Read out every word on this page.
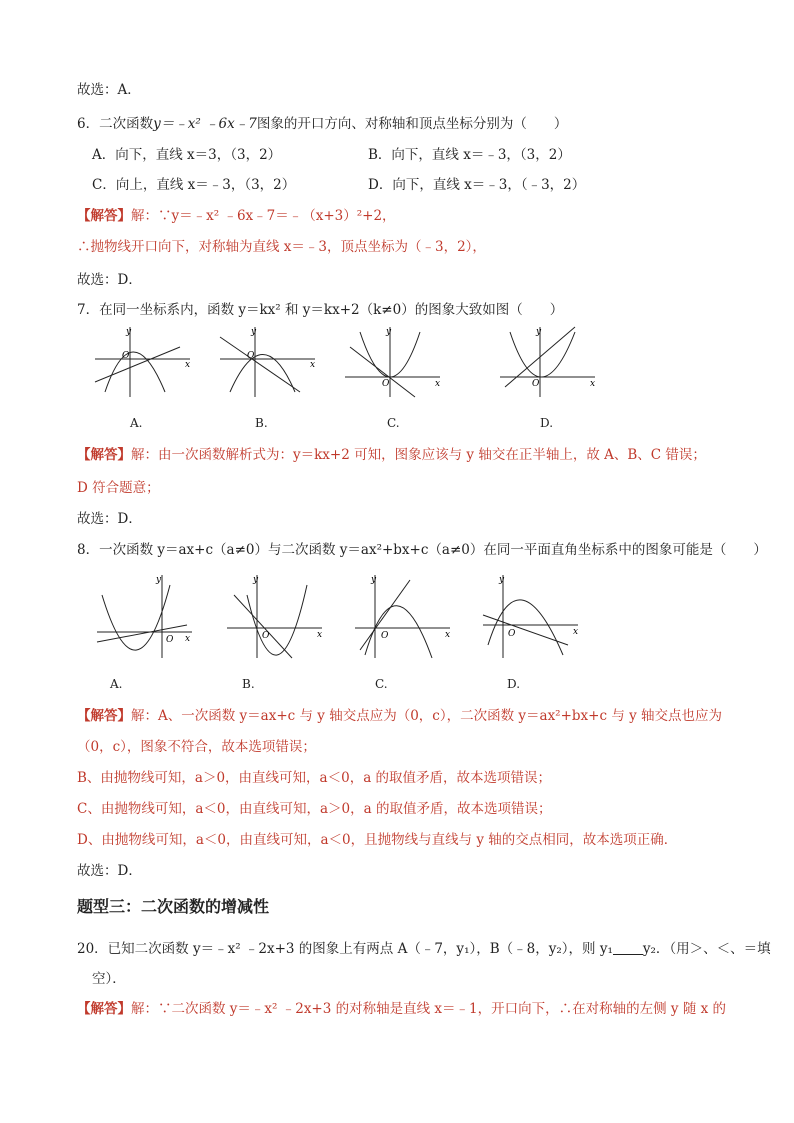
故选：A．
6．二次函数y＝﹣x² ﹣6x﹣7图象的开口方向、对称轴和顶点坐标分别为（　　）
A．向下，直线 x＝3，（3，2）	B．向下，直线 x＝﹣3，（3，2）
C．向上，直线 x＝﹣3，（3，2）	D．向下，直线 x＝﹣3，（﹣3，2）
【解答】解：∵y＝﹣x² ﹣6x﹣7＝﹣（x+3）²+2，
∴抛物线开口向下，对称轴为直线 x＝﹣3，顶点坐标为（﹣3，2），
故选：D．
7．在同一坐标系内，函数 y＝kx² 和 y＝kx+2（k≠0）的图象大致如图（　　）
y
x
O
y
x
O
y
x
O
y
x
O
A.	B.	C.	D.
【解答】解：由一次函数解析式为：y＝kx+2 可知，图象应该与 y 轴交在正半轴上，故 A、B、C 错误；
D 符合题意；
故选：D．
8．一次函数 y＝ax+c（a≠0）与二次函数 y＝ax²+bx+c（a≠0）在同一平面直角坐标系中的图象可能是（　　）
y
x
O
y
x
O
y
x
O
y
x
O
A.	B.	C.	D.
【解答】解：A、一次函数 y＝ax+c 与 y 轴交点应为（0，c），二次函数 y＝ax²+bx+c 与 y 轴交点也应为
（0，c），图象不符合，故本选项错误；
B、由抛物线可知，a＞0，由直线可知，a＜0，a 的取值矛盾，故本选项错误；
C、由抛物线可知，a＜0，由直线可知，a＞0，a 的取值矛盾，故本选项错误；
D、由抛物线可知，a＜0，由直线可知，a＜0，且抛物线与直线与 y 轴的交点相同，故本选项正确．
故选：D．
题型三：二次函数的增减性
20．已知二次函数 y＝﹣x² ﹣2x+3 的图象上有两点 A（﹣7，y₁），B（﹣8，y₂），则 y₁ y₂．（用＞、＜、＝填
空）．
【解答】解：∵二次函数 y＝﹣x² ﹣2x+3 的对称轴是直线 x＝﹣1，开口向下，∴在对称轴的左侧 y 随 x 的
